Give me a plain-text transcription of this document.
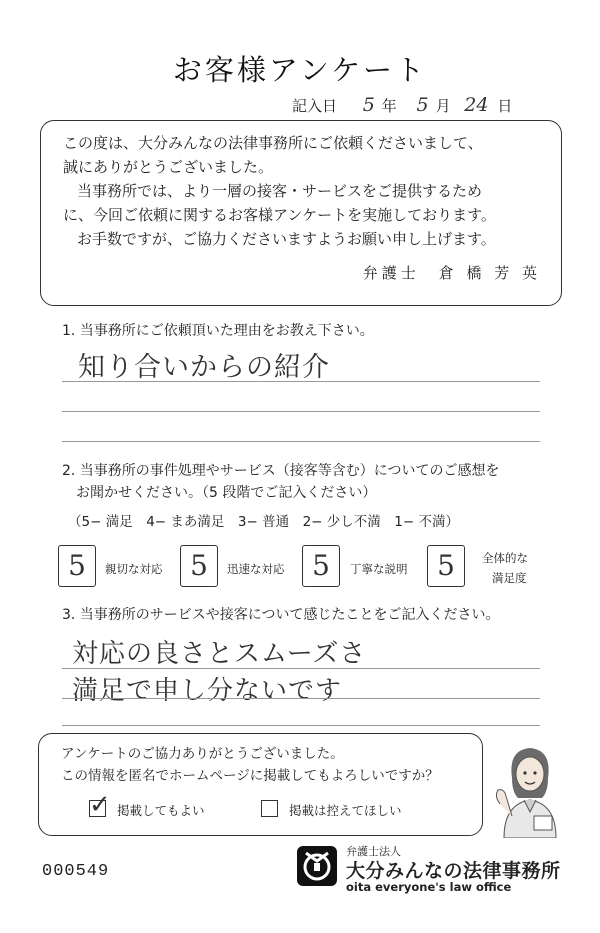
お客様アンケート
記入日 5 年 5 月 24 日

この度は、大分みんなの法律事務所にご依頼くださいまして、

誠にありがとうございました。

当事務所では、より一層の接客・サービスをご提供するため

に、今回ご依頼に関するお客様アンケートを実施しております。

お手数ですが、ご協力くださいますようお願い申し上げます。

弁護士　倉 橋 芳 英

1. 当事務所にご依頼頂いた理由をお教え下さい。
知り合いからの紹介
2. 当事務所の事件処理やサービス（接客等含む）についてのご感想を
お聞かせください。（5 段階でご記入ください）
（5− 満足　4− まあ満足　3− 普通　2− 少し不満　1− 不満）
5	親切な対応 5	迅速な対応 5	丁寧な説明	5	全体的な
満足度
3. 当事務所のサービスや接客について感じたことをご記入ください。
対応の良さとスムーズさ
満足で申し分ないです
アンケートのご協力ありがとうございました。
この情報を匿名でホームページに掲載してもよろしいですか？
✓ 掲載してもよい	掲載は控えてほしい
000549
弁護士法人
大分みんなの法律事務所
oita everyone's law office
